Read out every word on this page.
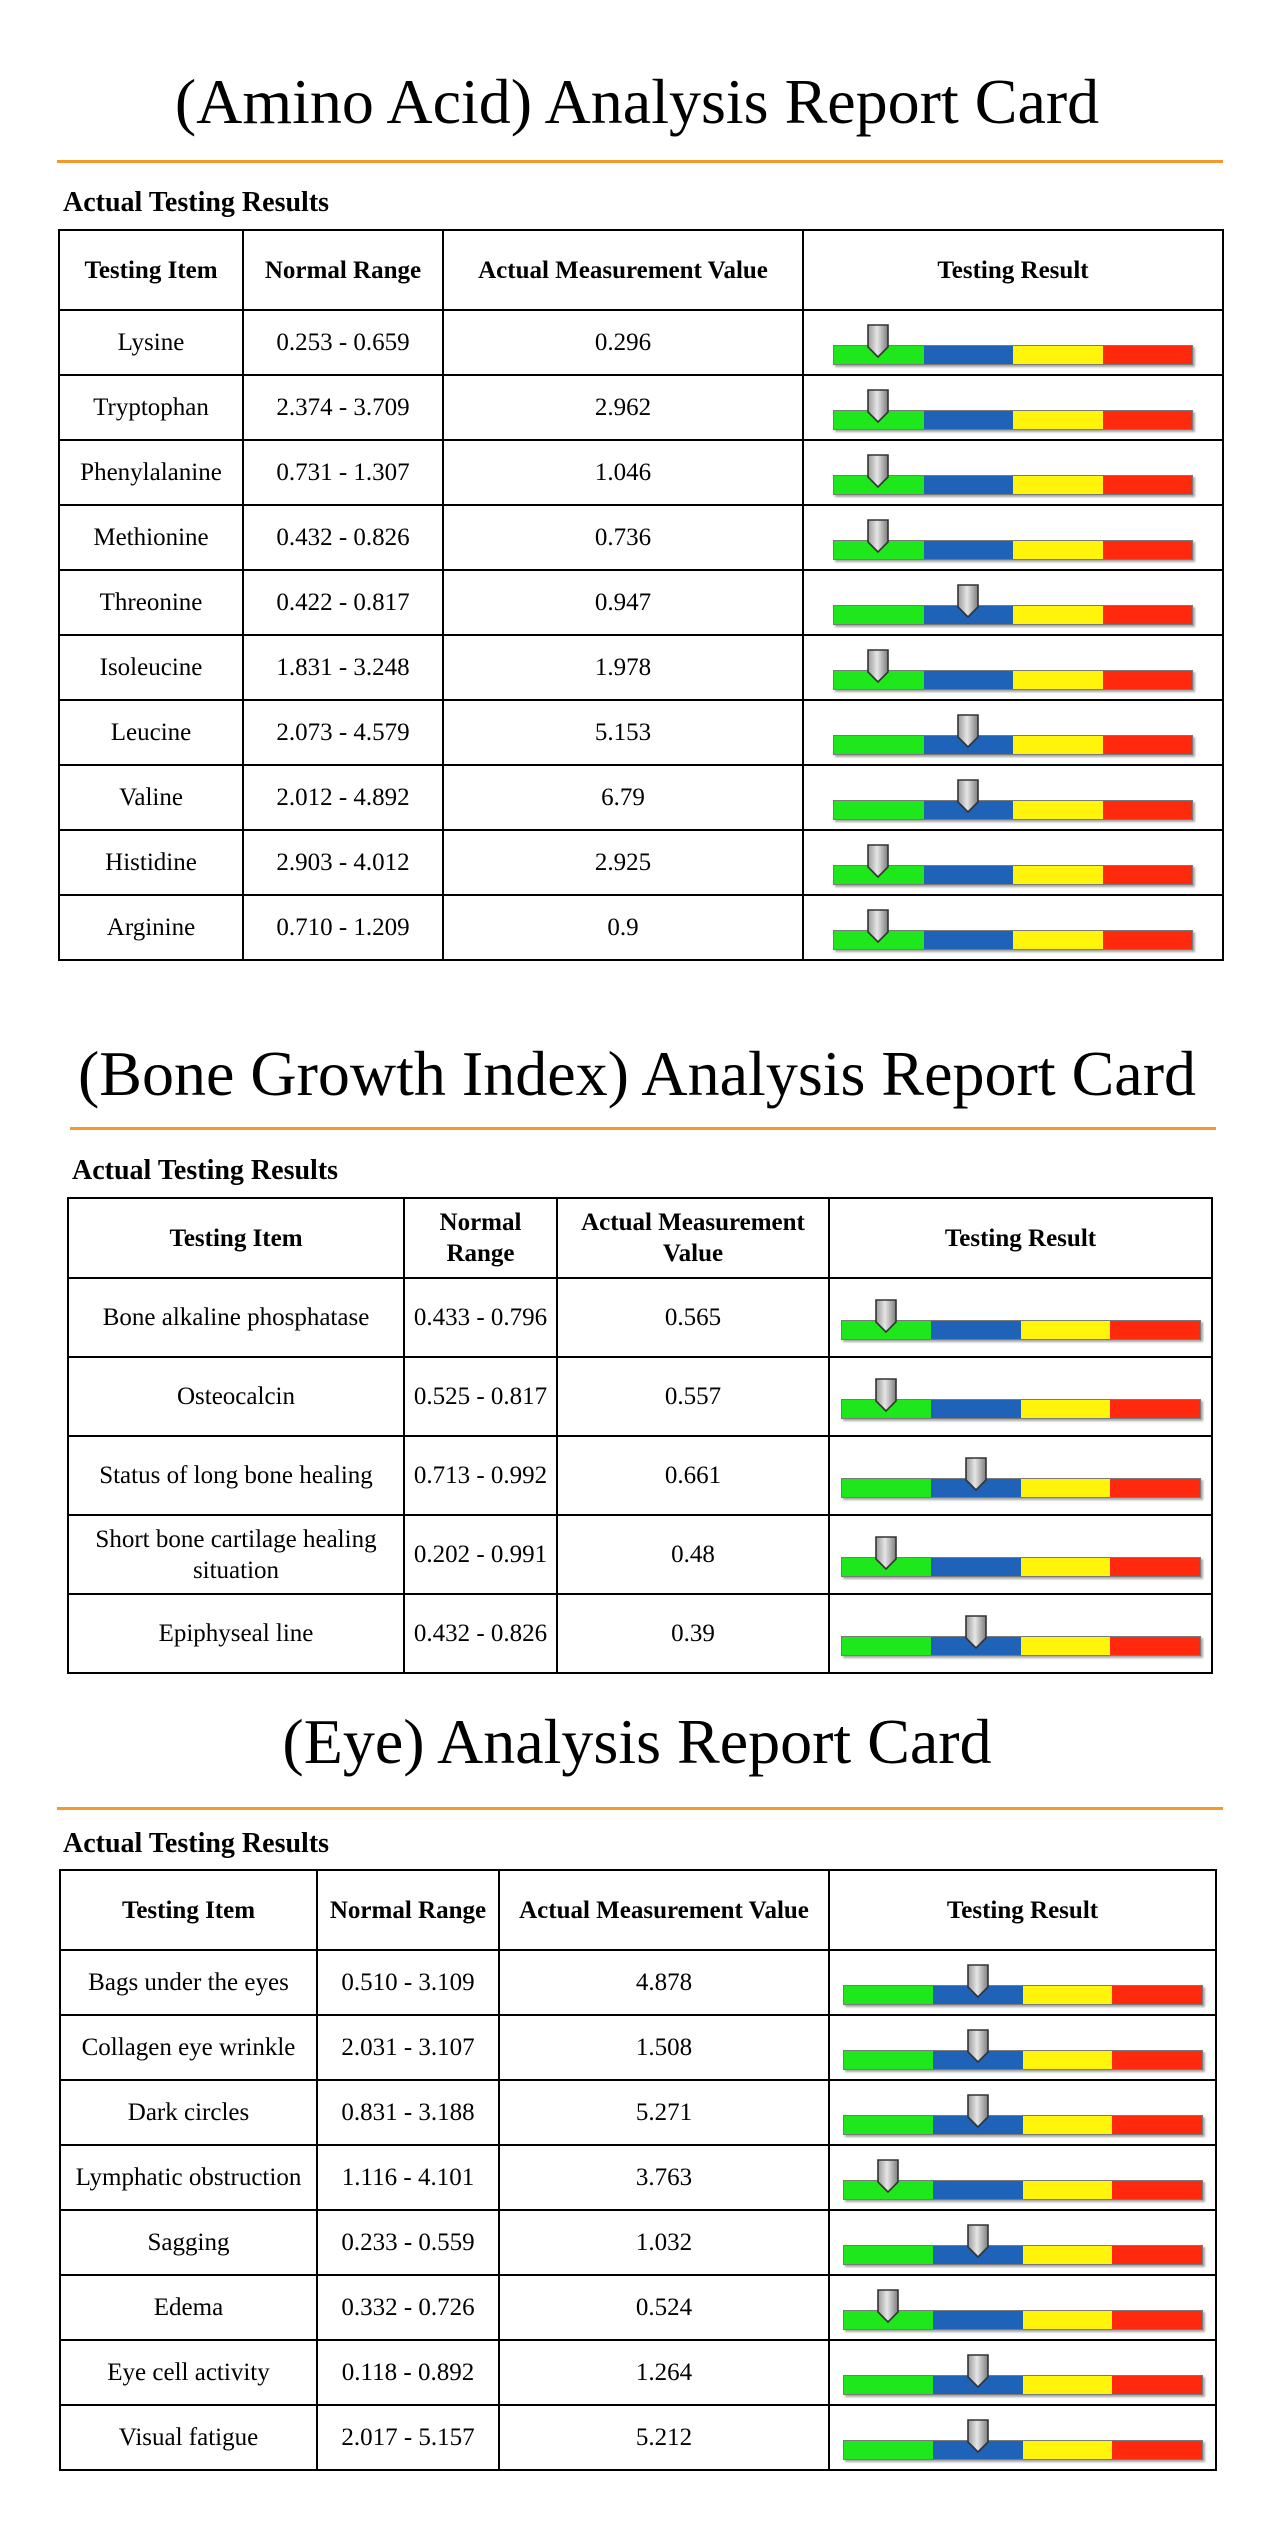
(Amino Acid) Analysis Report Card

Actual Testing Results

Testing Item	Normal Range	Actual Measurement Value	Testing Result
Lysine	0.253 - 0.659	0.296	

Tryptophan	2.374 - 3.709	2.962	

Phenylalanine	0.731 - 1.307	1.046	

Methionine	0.432 - 0.826	0.736	

Threonine	0.422 - 0.817	0.947	

Isoleucine	1.831 - 3.248	1.978	

Leucine	2.073 - 4.579	5.153	

Valine	2.012 - 4.892	6.79	

Histidine	2.903 - 4.012	2.925	

Arginine	0.710 - 1.209	0.9	
(Bone Growth Index) Analysis Report Card

Actual Testing Results

Testing Item	Normal Range	Actual Measurement Value	Testing Result
Bone alkaline phosphatase	0.433 - 0.796	0.565	

Osteocalcin	0.525 - 0.817	0.557	

Status of long bone healing	0.713 - 0.992	0.661	

Short bone cartilage healing situation	0.202 - 0.991	0.48	

Epiphyseal line	0.432 - 0.826	0.39	
(Eye) Analysis Report Card

Actual Testing Results

Testing Item	Normal Range	Actual Measurement Value	Testing Result
Bags under the eyes	0.510 - 3.109	4.878	

Collagen eye wrinkle	2.031 - 3.107	1.508	

Dark circles	0.831 - 3.188	5.271	

Lymphatic obstruction	1.116 - 4.101	3.763	

Sagging	0.233 - 0.559	1.032	

Edema	0.332 - 0.726	0.524	

Eye cell activity	0.118 - 0.892	1.264	

Visual fatigue	2.017 - 5.157	5.212	
